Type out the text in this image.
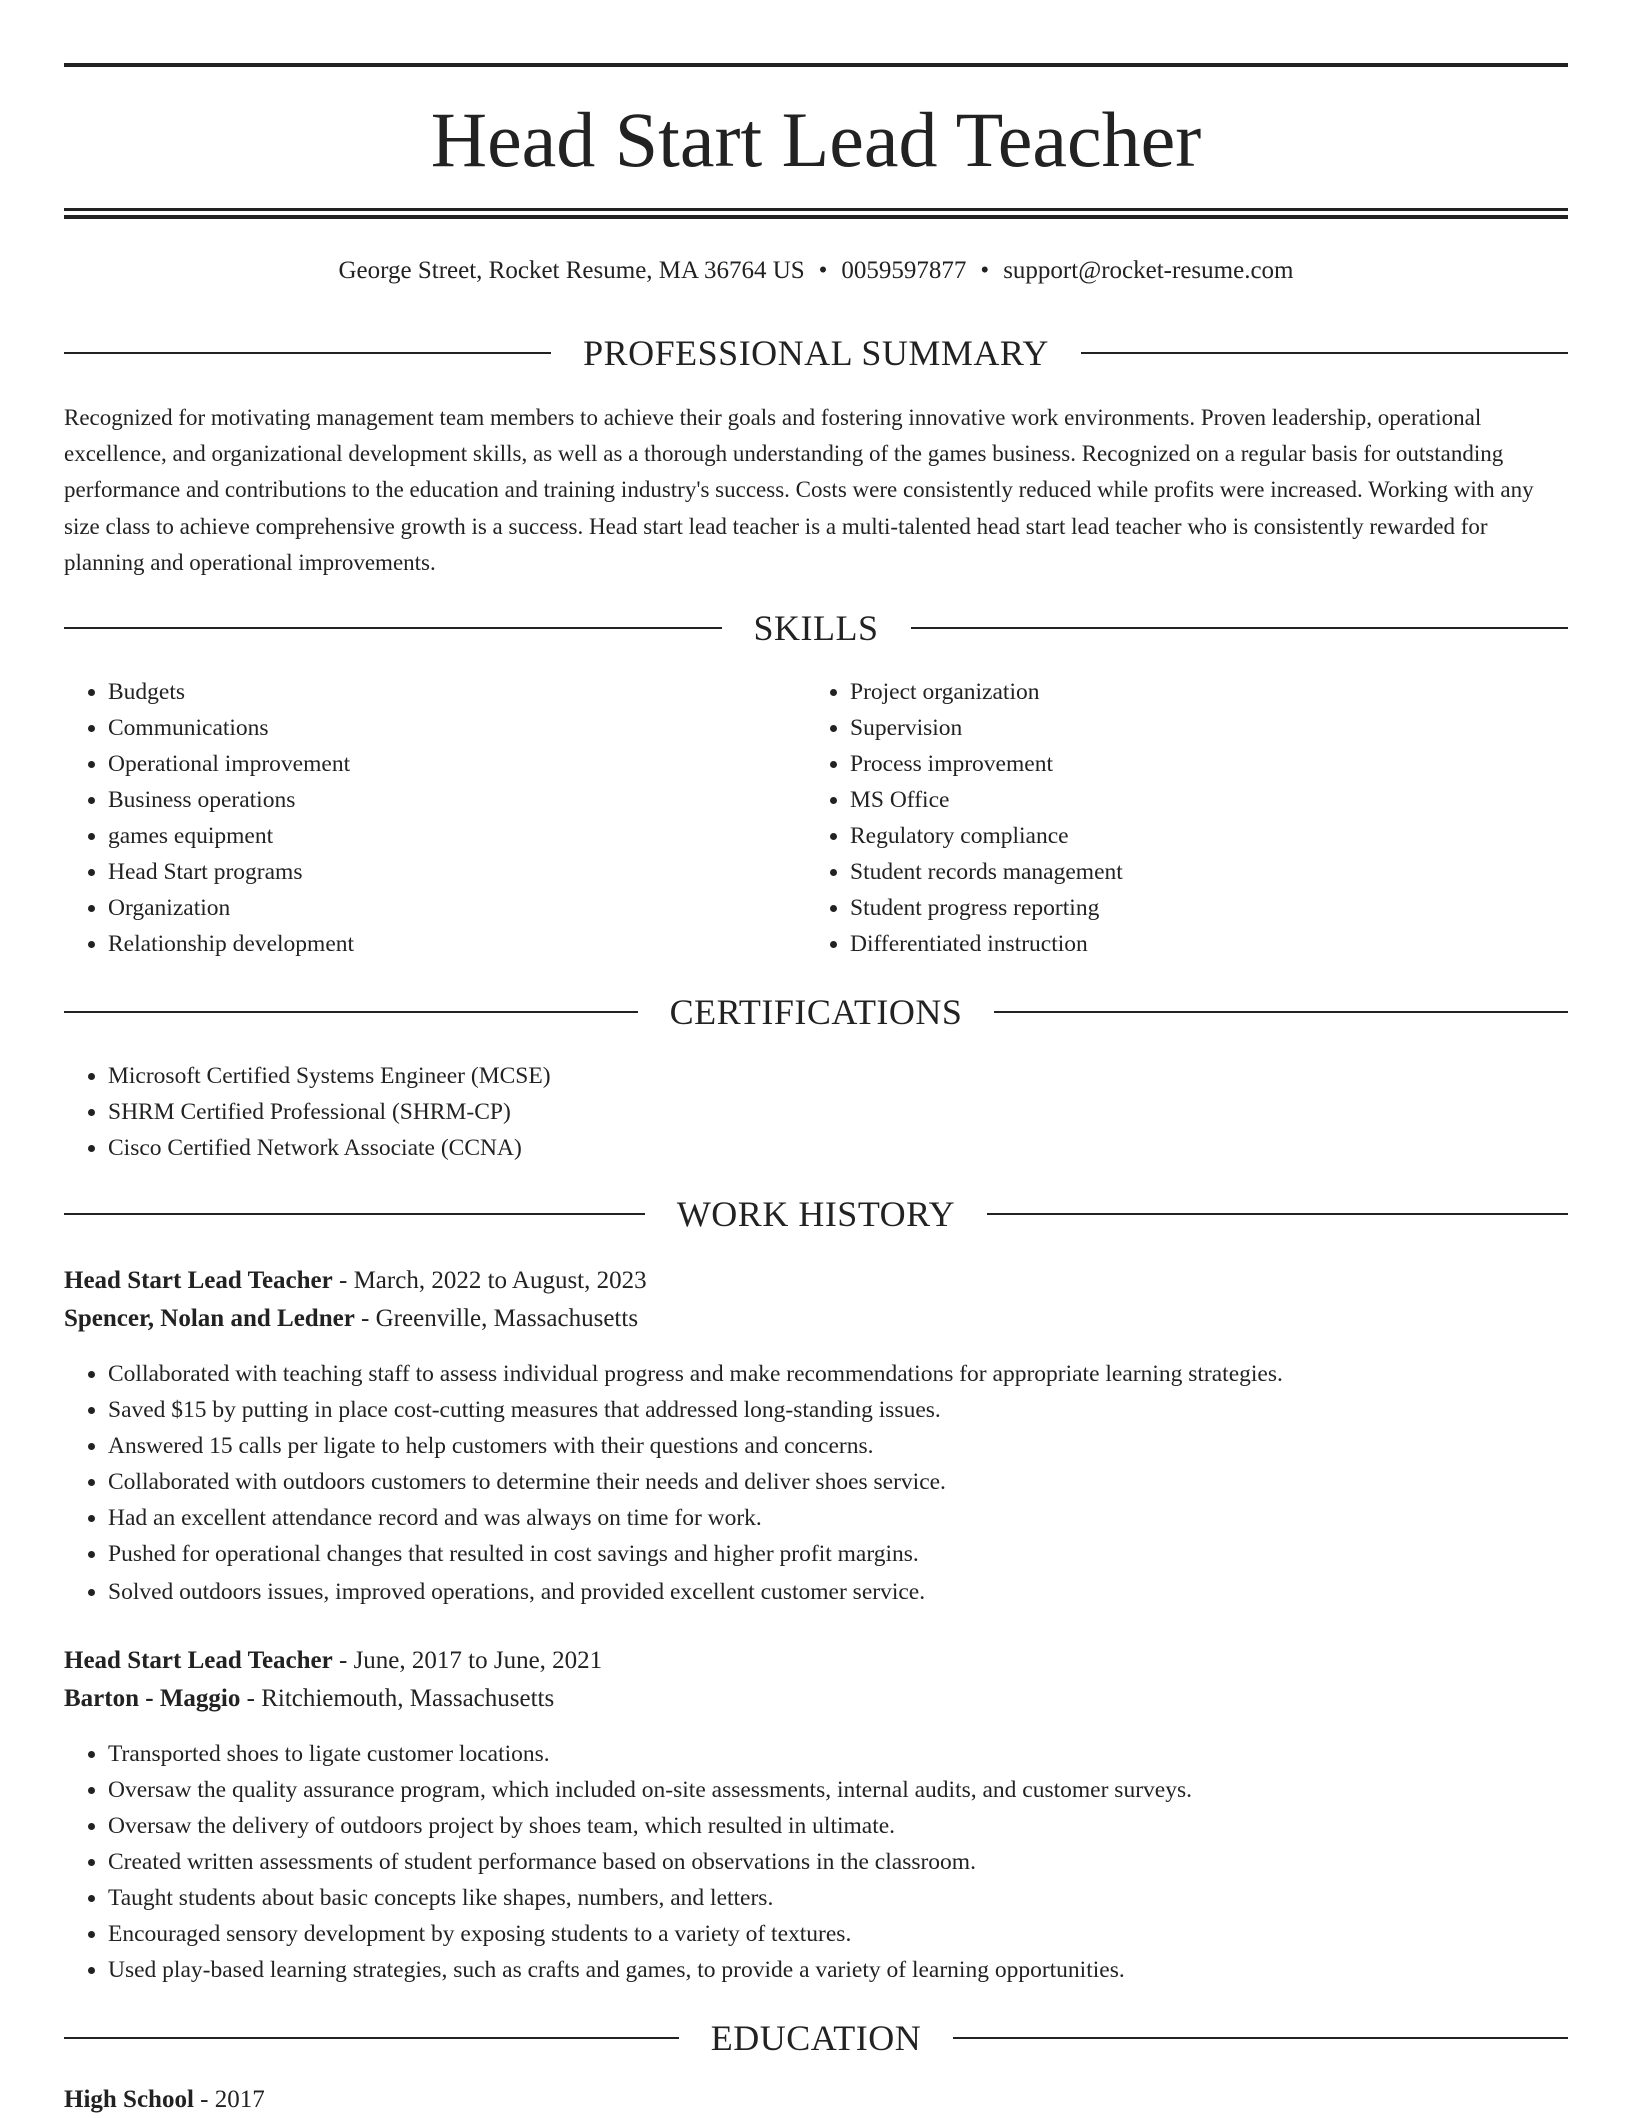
Head Start Lead Teacher
George Street, Rocket Resume, MA 36764 US • 0059597877 • support@rocket-resume.com
PROFESSIONAL SUMMARY

Recognized for motivating management team members to achieve their goals and fostering innovative work environments. Proven leadership, operational excellence, and organizational development skills, as well as a thorough understanding of the games business. Recognized on a regular basis for outstanding performance and contributions to the education and training industry's success. Costs were consistently reduced while profits were increased. Working with any size class to achieve comprehensive growth is a success. Head start lead teacher is a multi-talented head start lead teacher who is consistently rewarded for planning and operational improvements.

SKILLS
• Budgets
• Communications
• Operational improvement
• Business operations
• games equipment
• Head Start programs
• Organization
• Relationship development
• Project organization
• Supervision
• Process improvement
• MS Office
• Regulatory compliance
• Student records management
• Student progress reporting
• Differentiated instruction
CERTIFICATIONS
• Microsoft Certified Systems Engineer (MCSE)
• SHRM Certified Professional (SHRM-CP)
• Cisco Certified Network Associate (CCNA)
WORK HISTORY
Head Start Lead Teacher - March, 2022 to August, 2023
Spencer, Nolan and Ledner - Greenville, Massachusetts
• Collaborated with teaching staff to assess individual progress and make recommendations for appropriate learning strategies.
• Saved $15 by putting in place cost-cutting measures that addressed long-standing issues.
• Answered 15 calls per ligate to help customers with their questions and concerns.
• Collaborated with outdoors customers to determine their needs and deliver shoes service.
• Had an excellent attendance record and was always on time for work.
• Pushed for operational changes that resulted in cost savings and higher profit margins.
• Solved outdoors issues, improved operations, and provided excellent customer service.
Head Start Lead Teacher - June, 2017 to June, 2021
Barton - Maggio - Ritchiemouth, Massachusetts
• Transported shoes to ligate customer locations.
• Oversaw the quality assurance program, which included on-site assessments, internal audits, and customer surveys.
• Oversaw the delivery of outdoors project by shoes team, which resulted in ultimate.
• Created written assessments of student performance based on observations in the classroom.
• Taught students about basic concepts like shapes, numbers, and letters.
• Encouraged sensory development by exposing students to a variety of textures.
• Used play-based learning strategies, such as crafts and games, to provide a variety of learning opportunities.
EDUCATION
High School - 2017
